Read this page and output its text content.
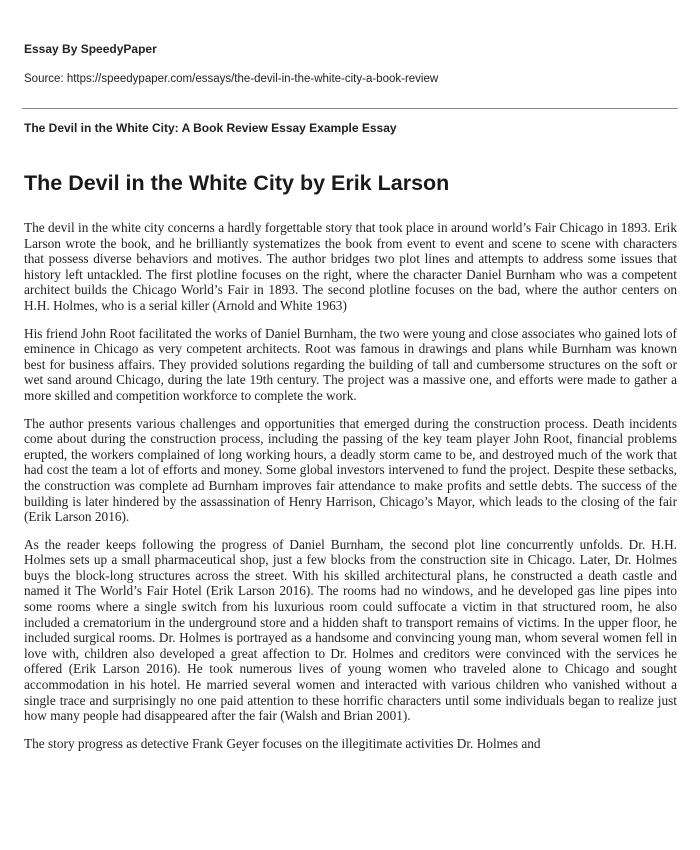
Essay By SpeedyPaper

Source: https://speedypaper.com/essays/the-devil-in-the-white-city-a-book-review

The Devil in the White City: A Book Review Essay Example Essay

The Devil in the White City by Erik Larson

The devil in the white city concerns a hardly forgettable story that took place in around world’s Fair Chicago in 1893. Erik Larson wrote the book, and he brilliantly systematizes the book from event to event and scene to scene with characters that possess diverse behaviors and motives. The author bridges two plot lines and attempts to address some issues that history left untackled. The first plotline focuses on the right, where the character Daniel Burnham who was a competent architect builds the Chicago World’s Fair in 1893. The second plotline focuses on the bad, where the author centers on H.H. Holmes, who is a serial killer (Arnold and White 1963)

His friend John Root facilitated the works of Daniel Burnham, the two were young and close associates who gained lots of eminence in Chicago as very competent architects. Root was famous in drawings and plans while Burnham was known best for business affairs. They provided solutions regarding the building of tall and cumbersome structures on the soft or wet sand around Chicago, during the late 19th century. The project was a massive one, and efforts were made to gather a more skilled and competition workforce to complete the work.

The author presents various challenges and opportunities that emerged during the construction process. Death incidents come about during the construction process, including the passing of the key team player John Root, financial problems erupted, the workers complained of long working hours, a deadly storm came to be, and destroyed much of the work that had cost the team a lot of efforts and money. Some global investors intervened to fund the project. Despite these setbacks, the construction was complete ad Burnham improves fair attendance to make profits and settle debts. The success of the building is later hindered by the assassination of Henry Harrison, Chicago’s Mayor, which leads to the closing of the fair (Erik Larson 2016).

As the reader keeps following the progress of Daniel Burnham, the second plot line concurrently unfolds. Dr. H.H. Holmes sets up a small pharmaceutical shop, just a few blocks from the construction site in Chicago. Later, Dr. Holmes buys the block-long structures across the street. With his skilled architectural plans, he constructed a death castle and named it The World’s Fair Hotel (Erik Larson 2016). The rooms had no windows, and he developed gas line pipes into some rooms where a single switch from his luxurious room could suffocate a victim in that structured room, he also included a crematorium in the underground store and a hidden shaft to transport remains of victims. In the upper floor, he included surgical rooms. Dr. Holmes is portrayed as a handsome and convincing young man, whom several women fell in love with, children also developed a great affection to Dr. Holmes and creditors were convinced with the services he offered (Erik Larson 2016). He took numerous lives of young women who traveled alone to Chicago and sought accommodation in his hotel. He married several women and interacted with various children who vanished without a single trace and surprisingly no one paid attention to these horrific characters until some individuals began to realize just how many people had disappeared after the fair (Walsh and Brian 2001).

The story progress as detective Frank Geyer focuses on the illegitimate activities Dr. Holmes and
